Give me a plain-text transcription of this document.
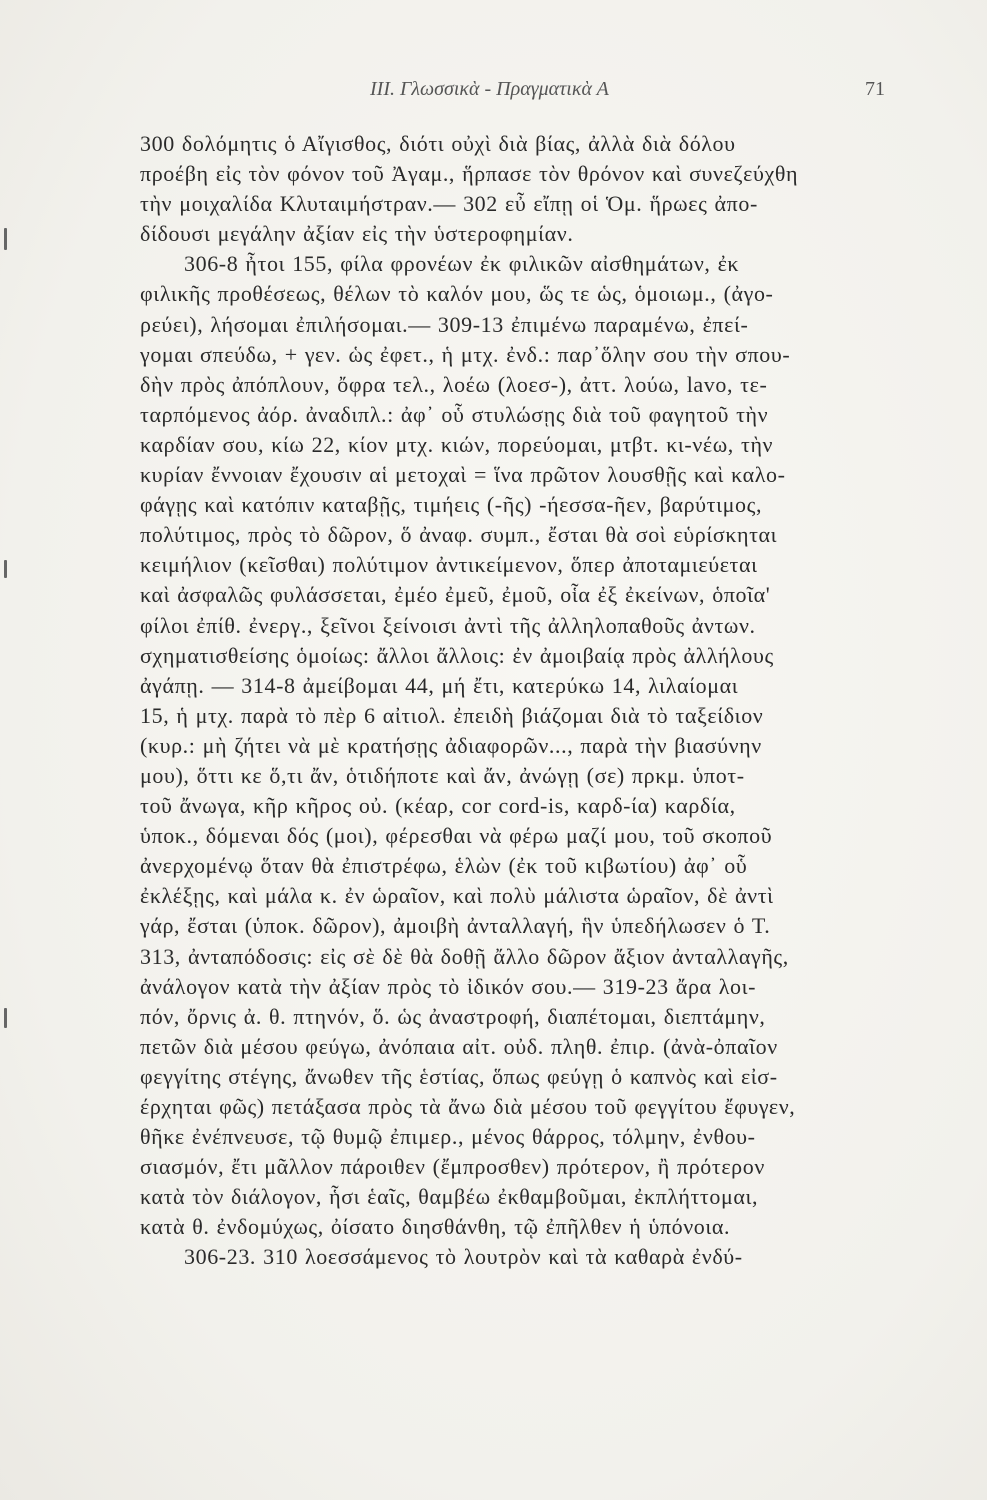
ΙΙΙ. Γλωσσικὰ - Πραγματικὰ Α	71
300 δολόμητις ὁ Αἴγισθος, διότι οὐχὶ διὰ βίας, ἀλλὰ διὰ δόλου
προέβη εἰς τὸν φόνον τοῦ Ἀγαμ., ἥρπασε τὸν θρόνον καὶ συνεζεύχθη
τὴν μοιχαλίδα Κλυταιμήστραν.— 302 εὖ εἴπῃ οἱ Ὁμ. ἥρωες ἀπο-
δίδουσι μεγάλην ἀξίαν εἰς τὴν ὑστεροφημίαν.
306-8 ἦτοι 155, φίλα φρονέων ἐκ φιλικῶν αἰσθημάτων, ἐκ
φιλικῆς προθέσεως, θέλων τὸ καλόν μου, ὥς τε ὡς, ὁμοιωμ., (ἀγο-
ρεύει), λήσομαι ἐπιλήσομαι.— 309-13 ἐπιμένω παραμένω, ἐπεί-
γομαι σπεύδω, + γεν. ὡς ἐφετ., ἡ μτχ. ἐνδ.: παρ᾽ὅλην σου τὴν σπου-
δὴν πρὸς ἀπόπλουν, ὄφρα τελ., λοέω (λοεσ-), ἀττ. λούω, lavo, τε-
ταρπόμενος ἀόρ. ἀναδιπλ.: ἀφ᾽ οὗ στυλώσῃς διὰ τοῦ φαγητοῦ τὴν
καρδίαν σου, κίω 22, κίον μτχ. κιών, πορεύομαι, μτβτ. κι-νέω, τὴν
κυρίαν ἔννοιαν ἔχουσιν αἱ μετοχαὶ = ἵνα πρῶτον λουσθῇς καὶ καλο-
φάγῃς καὶ κατόπιν καταβῇς, τιμήεις (-ῆς) -ήεσσα-ῆεν, βαρύτιμος,
πολύτιμος, πρὸς τὸ δῶρον, ὅ ἀναφ. συμπ., ἔσται θὰ σοὶ εὑρίσκηται
κειμήλιον (κεῖσθαι) πολύτιμον ἀντικείμενον, ὅπερ ἀποταμιεύεται
καὶ ἀσφαλῶς φυλάσσεται, ἐμέο ἐμεῦ, ἐμοῦ, οἷα ἐξ ἐκείνων, ὁποῖα'
φίλοι ἐπίθ. ἐνεργ., ξεῖνοι ξείνοισι ἀντὶ τῆς ἀλληλοπαθοῦς ἀντων.
σχηματισθείσης ὁμοίως: ἄλλοι ἄλλοις: ἐν ἀμοιβαίᾳ πρὸς ἀλλήλους
ἀγάπῃ. — 314-8 ἀμείβομαι 44, μή ἔτι, κατερύκω 14, λιλαίομαι
15, ἡ μτχ. παρὰ τὸ πὲρ 6 αἰτιολ. ἐπειδὴ βιάζομαι διὰ τὸ ταξείδιον
(κυρ.: μὴ ζήτει νὰ μὲ κρατήσῃς ἀδιαφορῶν..., παρὰ τὴν βιασύνην
μου), ὅττι κε ὅ,τι ἄν, ὁτιδήποτε καὶ ἄν, ἀνώγῃ (σε) πρκμ. ὑποτ-
τοῦ ἄνωγα, κῆρ κῆρος οὐ. (κέαρ, cor cord-is, καρδ-ία) καρδία,
ὑποκ., δόμεναι δός (μοι), φέρεσθαι νὰ φέρω μαζί μου, τοῦ σκοποῦ
ἀνερχομένῳ ὅταν θὰ ἐπιστρέφω, ἑλὼν (ἐκ τοῦ κιβωτίου) ἀφ᾽ οὗ
ἐκλέξῃς, καὶ μάλα κ. ἐν ὡραῖον, καὶ πολὺ μάλιστα ὡραῖον, δὲ ἀντὶ
γάρ, ἔσται (ὑποκ. δῶρον), ἀμοιβὴ ἀνταλλαγή, ἣν ὑπεδήλωσεν ὁ Τ.
313, ἀνταπόδοσις: εἰς σὲ δὲ θὰ δοθῇ ἄλλο δῶρον ἄξιον ἀνταλλαγῆς,
ἀνάλογον κατὰ τὴν ἀξίαν πρὸς τὸ ἰδικόν σου.— 319-23 ἄρα λοι-
πόν, ὄρνις ἀ. θ. πτηνόν, ὅ. ὡς ἀναστροφή, διαπέτομαι, διεπτάμην,
πετῶν διὰ μέσου φεύγω, ἀνόπαια αἰτ. οὐδ. πληθ. ἐπιρ. (ἀνὰ-ὀπαῖον
φεγγίτης στέγης, ἄνωθεν τῆς ἑστίας, ὅπως φεύγῃ ὁ καπνὸς καὶ εἰσ-
έρχηται φῶς) πετάξασα πρὸς τὰ ἄνω διὰ μέσου τοῦ φεγγίτου ἔφυγεν,
θῆκε ἐνέπνευσε, τῷ θυμῷ ἐπιμερ., μένος θάρρος, τόλμην, ἐνθου-
σιασμόν, ἔτι μᾶλλον πάροιθεν (ἔμπροσθεν) πρότερον, ἢ πρότερον
κατὰ τὸν διάλογον, ἧσι ἑαῖς, θαμβέω ἐκθαμβοῦμαι, ἐκπλήττομαι,
κατὰ θ. ἐνδομύχως, ὀίσατο διησθάνθη, τῷ ἐπῆλθεν ἡ ὑπόνοια.
306-23. 310 λοεσσάμενος τὸ λουτρὸν καὶ τὰ καθαρὰ ἐνδύ-
